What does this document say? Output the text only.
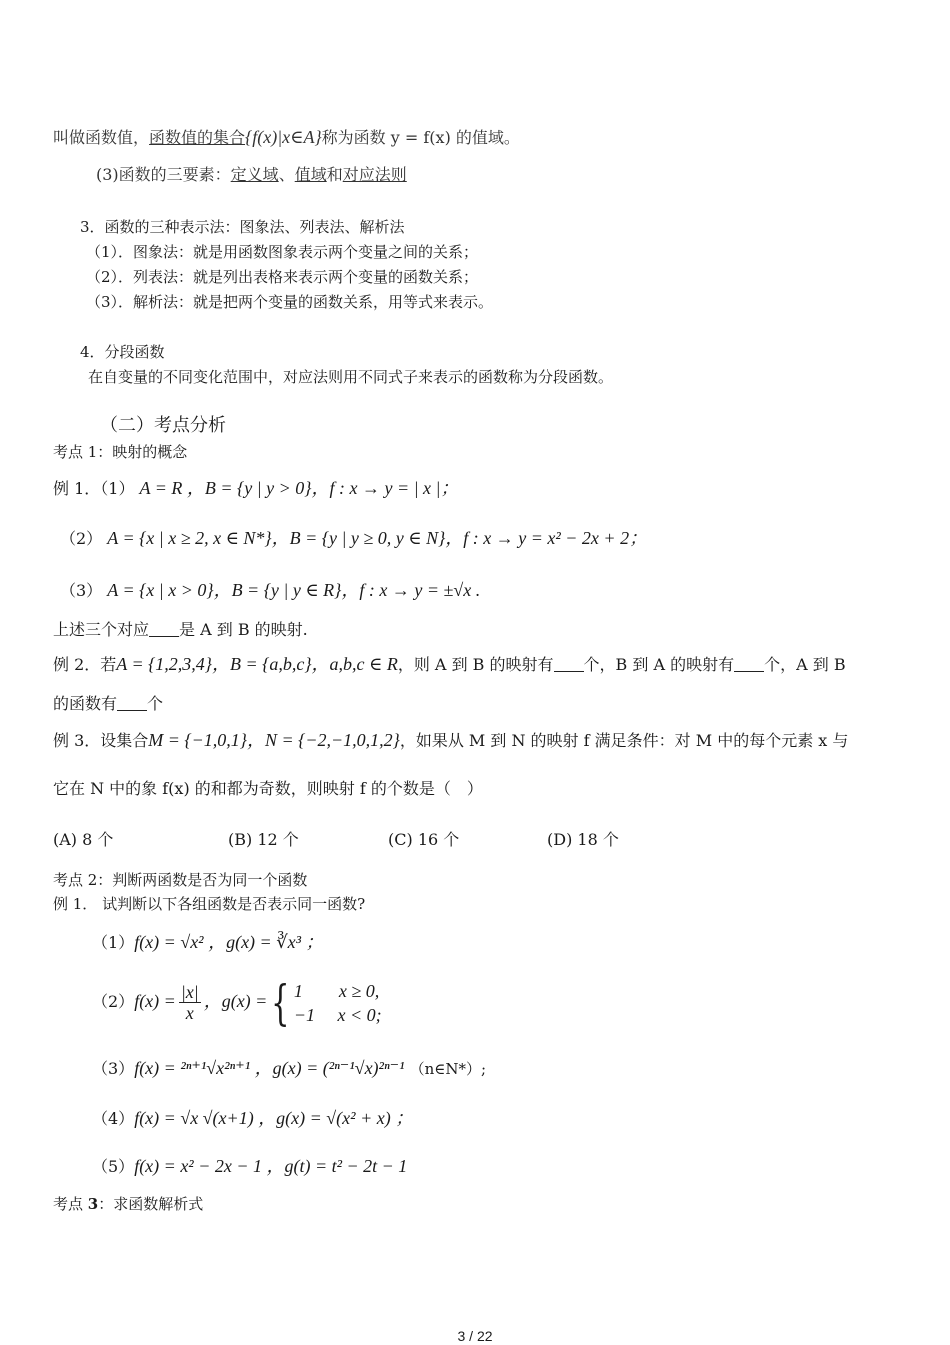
叫做函数值，函数值的集合{f(x)|x∈A}称为函数 y = f(x) 的值域。
(3)函数的三要素：定义域、值域和对应法则
3．函数的三种表示法：图象法、列表法、解析法
（1）．图象法：就是用函数图象表示两个变量之间的关系；
（2）．列表法：就是列出表格来表示两个变量的函数关系；
（3）．解析法：就是把两个变量的函数关系，用等式来表示。
4．分段函数
在自变量的不同变化范围中，对应法则用不同式子来表示的函数称为分段函数。
（二）考点分析
考点 1：映射的概念
例 1．（1） A = R ，B = {y | y > 0}，f : x → y = | x |；
（2） A = {x | x ≥ 2, x ∈ N*}，B = {y | y ≥ 0, y ∈ N}，f : x → y = x² − 2x + 2；
（3） A = {x | x > 0}，B = {y | y ∈ R}，f : x → y = ±√x .
上述三个对应 是 A 到 B 的映射.
例 2．若A = {1,2,3,4}，B = {a,b,c}，a,b,c ∈ R，则 A 到 B 的映射有 个，B 到 A 的映射有 个，A 到 B
的函数有 个
例 3．设集合M = {−1,0,1}，N = {−2,−1,0,1,2}，如果从 M 到 N 的映射 f 满足条件：对 M 中的每个元素 x 与
它在 N 中的象 f(x) 的和都为奇数，则映射 f 的个数是（　）
(A) 8 个	(B) 12 个	(C) 16 个	(D) 18 个
考点 2：判断两函数是否为同一个函数
例 1． 试判断以下各组函数是否表示同一函数?
（1）f(x) = √x² ，g(x) = ∛x³ ；
$(2)f(x) = \frac{|x|}{x}$ ，g(x) ={ 1　　x ≥ 0,
−1　 x < 0;
（3）f(x) = ²ⁿ⁺¹√x²ⁿ⁺¹ ，g(x) = (²ⁿ⁻¹√x)²ⁿ⁻¹ （n∈N*）;
（4）f(x) = √x √(x+1) ，g(x) = √(x² + x) ；
（5）f(x) = x² − 2x − 1 ，g(t) = t² − 2t − 1
考点 3：求函数解析式
3 / 22
